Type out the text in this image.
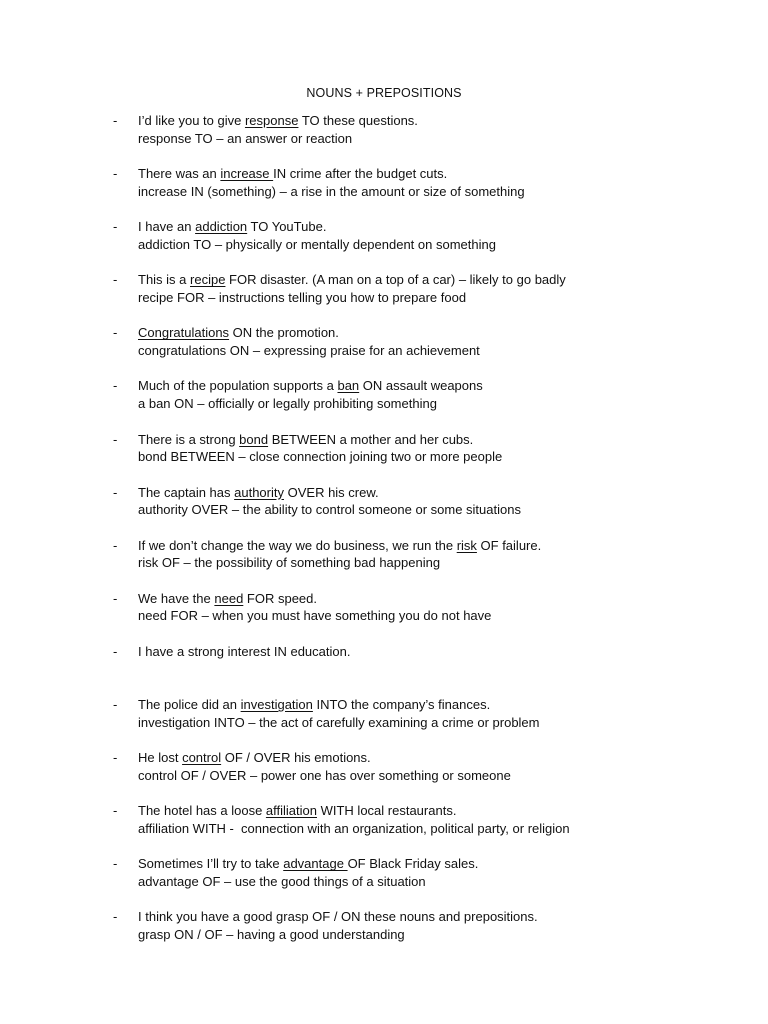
NOUNS + PREPOSITIONS
- I’d like you to give response TO these questions.
response TO – an answer or reaction
- There was an increase IN crime after the budget cuts.
increase IN (something) – a rise in the amount or size of something
- I have an addiction TO YouTube.
addiction TO – physically or mentally dependent on something
- This is a recipe FOR disaster. (A man on a top of a car) – likely to go badly
recipe FOR – instructions telling you how to prepare food
- Congratulations ON the promotion.
congratulations ON – expressing praise for an achievement
- Much of the population supports a ban ON assault weapons
a ban ON – officially or legally prohibiting something
- There is a strong bond BETWEEN a mother and her cubs.
bond BETWEEN – close connection joining two or more people
- The captain has authority OVER his crew.
authority OVER – the ability to control someone or some situations
- If we don’t change the way we do business, we run the risk OF failure.
risk OF – the possibility of something bad happening
- We have the need FOR speed.
need FOR – when you must have something you do not have
- I have a strong interest IN education.
- The police did an investigation INTO the company’s finances.
investigation INTO – the act of carefully examining a crime or problem
- He lost control OF / OVER his emotions.
control OF / OVER – power one has over something or someone
- The hotel has a loose affiliation WITH local restaurants.
affiliation WITH -  connection with an organization, political party, or religion
- Sometimes I’ll try to take advantage OF Black Friday sales.
advantage OF – use the good things of a situation
- I think you have a good grasp OF / ON these nouns and prepositions.
grasp ON / OF – having a good understanding
